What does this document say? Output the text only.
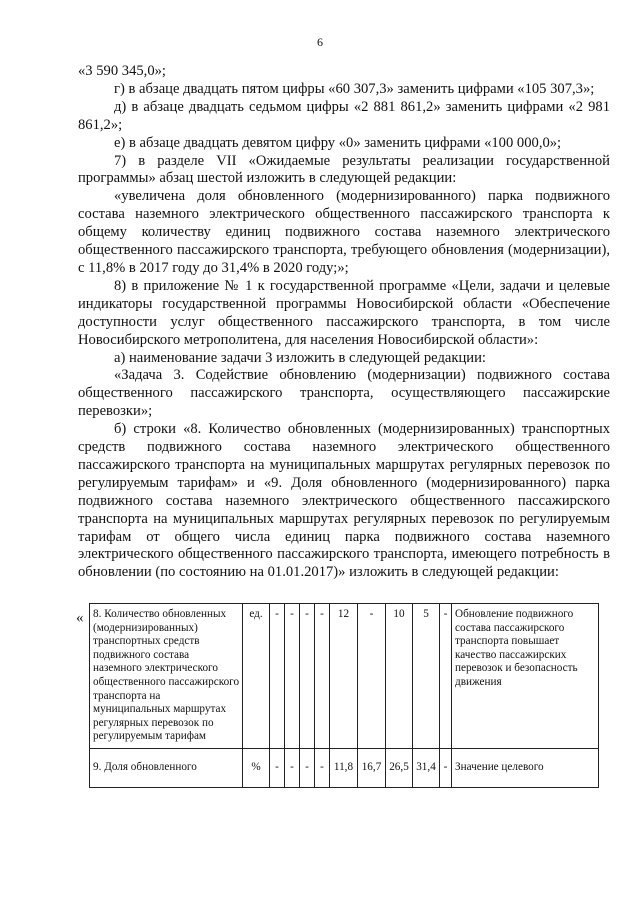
6

«3 590 345,0»;

г) в абзаце двадцать пятом цифры «60 307,3» заменить цифрами «105 307,3»;

д) в абзаце двадцать седьмом цифры «2 881 861,2» заменить цифрами «2 981 861,2»;

е) в абзаце двадцать девятом цифру «0» заменить цифрами «100 000,0»;

7) в разделе VII «Ожидаемые результаты реализации государственной программы» абзац шестой изложить в следующей редакции:

«увеличена доля обновленного (модернизированного) парка подвижного состава наземного электрического общественного пассажирского транспорта к общему количеству единиц подвижного состава наземного электрического общественного пассажирского транспорта, требующего обновления (модернизации), с 11,8% в 2017 году до 31,4% в 2020 году;»;

8) в приложение № 1 к государственной программе «Цели, задачи и целевые индикаторы государственной программы Новосибирской области «Обеспечение доступности услуг общественного пассажирского транспорта, в том числе Новосибирского метрополитена, для населения Новосибирской области»:

а) наименование задачи 3 изложить в следующей редакции:

«Задача 3. Содействие обновлению (модернизации) подвижного состава общественного пассажирского транспорта, осуществляющего пассажирские перевозки»;

б) строки «8. Количество обновленных (модернизированных) транспортных средств подвижного состава наземного электрического общественного пассажирского транспорта на муниципальных маршрутах регулярных перевозок по регулируемым тарифам» и «9. Доля обновленного (модернизированного) парка подвижного состава наземного электрического общественного пассажирского транспорта на муниципальных маршрутах регулярных перевозок по регулируемым тарифам от общего числа единиц парка подвижного состава наземного электрического общественного пассажирского транспорта, имеющего потребность в обновлении (по состоянию на 01.01.2017)» изложить в следующей редакции:

« 8. Количество обновленных (модернизированных) транспортных средств подвижного состава наземного электрического общественного пассажирского транспорта на муниципальных маршрутах регулярных перевозок по регулируемым тарифам	ед.	-	-	-	-	12	-	10	5	-	Обновление подвижного состава пассажирского транспорта повышает качество пассажирских перевозок и безопасность движения
9. Доля обновленного	%	-	-	-	-	11,8	16,7	26,5	31,4	-	Значение целевого
